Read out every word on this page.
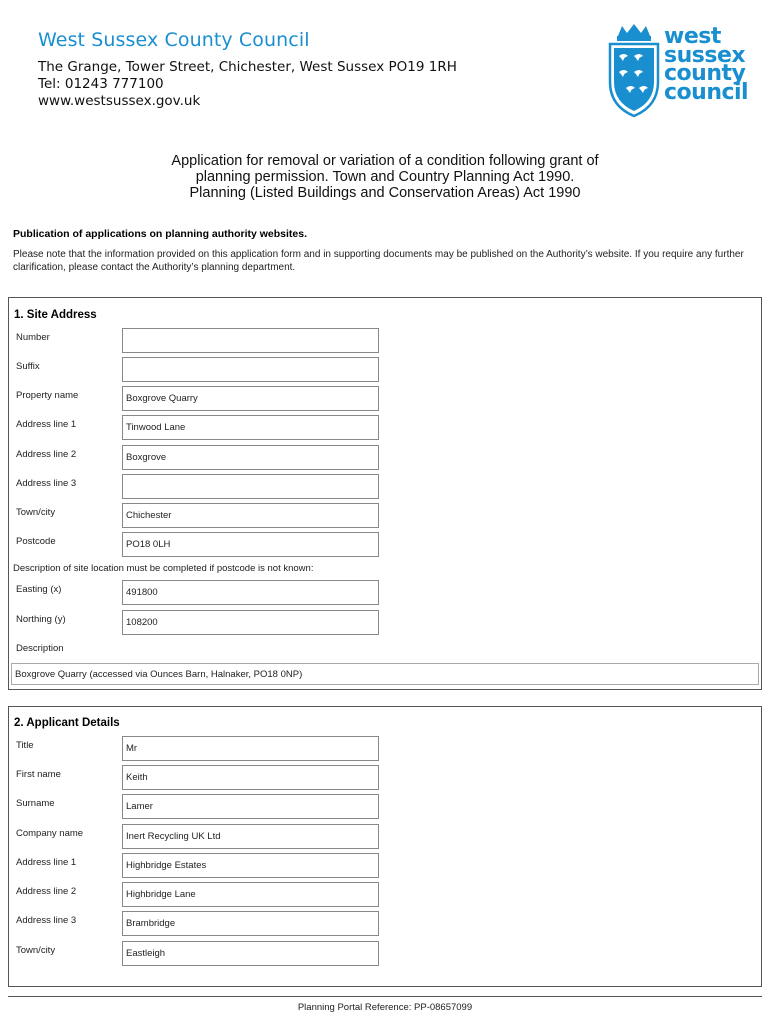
West Sussex County Council
The Grange, Tower Street, Chichester, West Sussex PO19 1RH
Tel: 01243 777100
www.westsussex.gov.uk
west
sussex
county
council
Application for removal or variation of a condition following grant of
planning permission. Town and Country Planning Act 1990.
Planning (Listed Buildings and Conservation Areas) Act 1990
Publication of applications on planning authority websites.
Please note that the information provided on this application form and in supporting documents may be published on the Authority’s website. If you require any further clarification, please contact the Authority’s planning department.
1. Site Address
Number
Suffix
Property name	Boxgrove Quarry
Address line 1	Tinwood Lane
Address line 2	Boxgrove
Address line 3
Town/city	Chichester
Postcode	PO18 0LH
Description of site location must be completed if postcode is not known:
Easting (x)	491800
Northing (y)	108200
Description
Boxgrove Quarry (accessed via Ounces Barn, Halnaker, PO18 0NP)
2. Applicant Details
Title	Mr
First name	Keith
Surname	Lamer
Company name	Inert Recycling UK Ltd
Address line 1	Highbridge Estates
Address line 2	Highbridge Lane
Address line 3	Brambridge
Town/city	Eastleigh
Planning Portal Reference: PP-08657099
